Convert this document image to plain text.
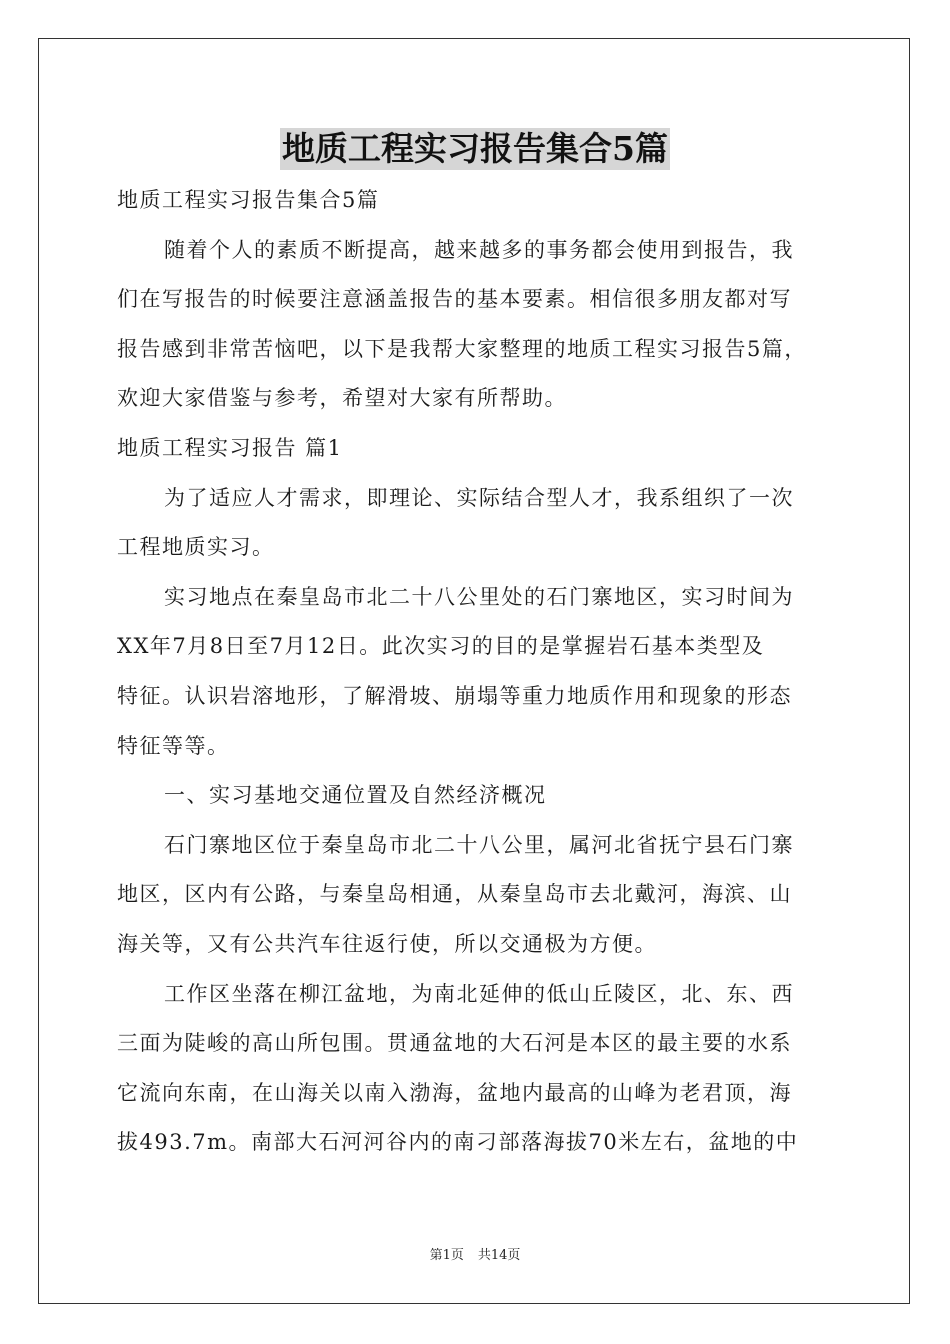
地质工程实习报告集合5篇
地质工程实习报告集合5篇
随着个人的素质不断提高，越来越多的事务都会使用到报告，我
们在写报告的时候要注意涵盖报告的基本要素。相信很多朋友都对写
报告感到非常苦恼吧，以下是我帮大家整理的地质工程实习报告5篇，
欢迎大家借鉴与参考，希望对大家有所帮助。
地质工程实习报告 篇1
为了适应人才需求，即理论、实际结合型人才，我系组织了一次
工程地质实习。
实习地点在秦皇岛市北二十八公里处的石门寨地区，实习时间为
XX年7月8日至7月12日。此次实习的目的是掌握岩石基本类型及
特征。认识岩溶地形，了解滑坡、崩塌等重力地质作用和现象的形态
特征等等。
一、实习基地交通位置及自然经济概况
石门寨地区位于秦皇岛市北二十八公里，属河北省抚宁县石门寨
地区，区内有公路，与秦皇岛相通，从秦皇岛市去北戴河，海滨、山
海关等，又有公共汽车往返行使，所以交通极为方便。
工作区坐落在柳江盆地，为南北延伸的低山丘陵区，北、东、西
三面为陡峻的高山所包围。贯通盆地的大石河是本区的最主要的水系
它流向东南，在山海关以南入渤海，盆地内最高的山峰为老君顶，海
拔493.7m。南部大石河河谷内的南刁部落海拔70米左右，盆地的中
第1页 共14页
